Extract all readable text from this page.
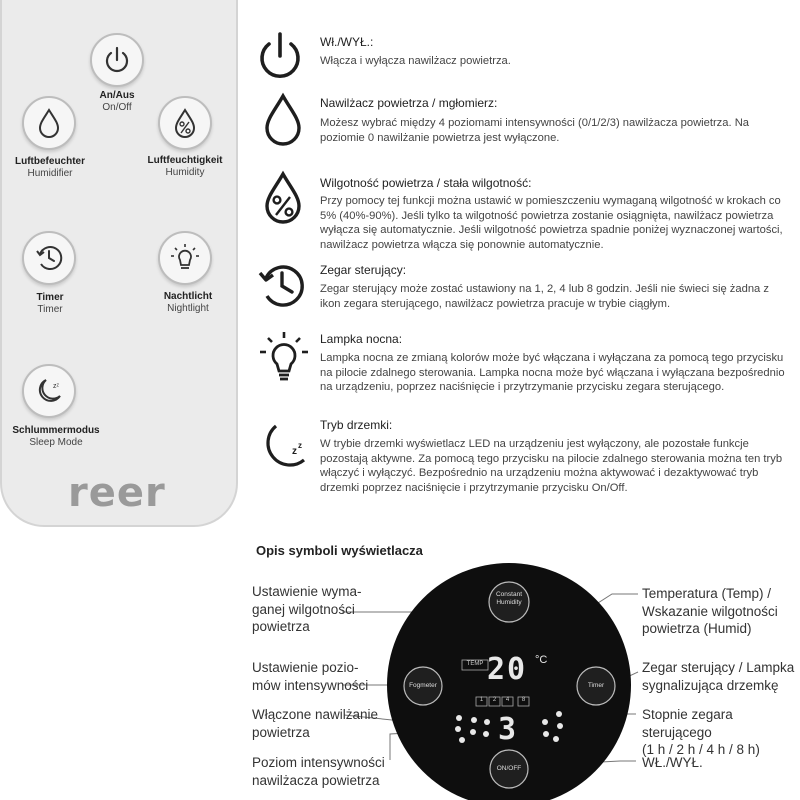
An/Aus
On/Off
Luftbefeuchter
Humidifier
Luftfeuchtigkeit
Humidity
Timer
Timer
Nachtlicht
Nightlight
zᶻ
Schlummermodus
Sleep Mode
reer
Wł./WYŁ.:
Włącza i wyłącza nawilżacz powietrza.
Nawilżacz powietrza / mgłomierz:
Możesz wybrać między 4 poziomami intensywności (0/1/2/3) nawilżacza powietrza. Na poziomie 0 nawilżanie powietrza jest wyłączone.
Wilgotność powietrza / stała wilgotność:
Przy pomocy tej funkcji można ustawić w pomieszczeniu wymaganą wilgotność w krokach co 5% (40%-90%). Jeśli tylko ta wilgotność powietrza zostanie osiągnięta, nawilżacz powietrza wyłącza się automatycznie. Jeśli wilgotność powietrza spadnie poniżej wyznaczonej wartości, nawilżacz powietrza włącza się ponownie automatycznie.
Zegar sterujący:
Zegar sterujący może zostać ustawiony na 1, 2, 4 lub 8 godzin. Jeśli nie świeci się żadna z ikon zegara sterującego, nawilżacz powietrza pracuje w trybie ciągłym.
Lampka nocna:
Lampka nocna ze zmianą kolorów może być włączana i wyłączana za pomocą tego przycisku na pilocie zdalnego sterowania. Lampka nocna może być włączana i wyłączana bezpośrednio na urządzeniu, poprzez naciśnięcie i przytrzymanie przycisku zegara sterującego.
z
z
Tryb drzemki:
W trybie drzemki wyświetlacz LED na urządzeniu jest wyłączony, ale pozostałe funkcje pozostają aktywne. Za pomocą tego przycisku na pilocie zdalnego sterowania można ten tryb włączyć i wyłączyć. Bezpośrednio na urządzeniu można aktywować i dezaktywować tryb drzemki poprzez naciśnięcie i przytrzymanie przycisku On/Off.
Opis symboli wyświetlacza
Constant
Humidity
Fogmeter	Timer
ON/OFF
TEMP 20 °C
1	2	4	8
3
Ustawienie wyma-
ganej wilgotności
powietrza
Ustawienie pozio-
mów intensywności
Włączone nawilżanie
powietrza
Poziom intensywności
nawilżacza powietrza
Temperatura (Temp) /
Wskazanie wilgotności
powietrza (Humid)
Zegar sterujący / Lampka
sygnalizująca drzemkę
Stopnie zegara sterującego
(1 h / 2 h / 4 h / 8 h)
WŁ./WYŁ.
